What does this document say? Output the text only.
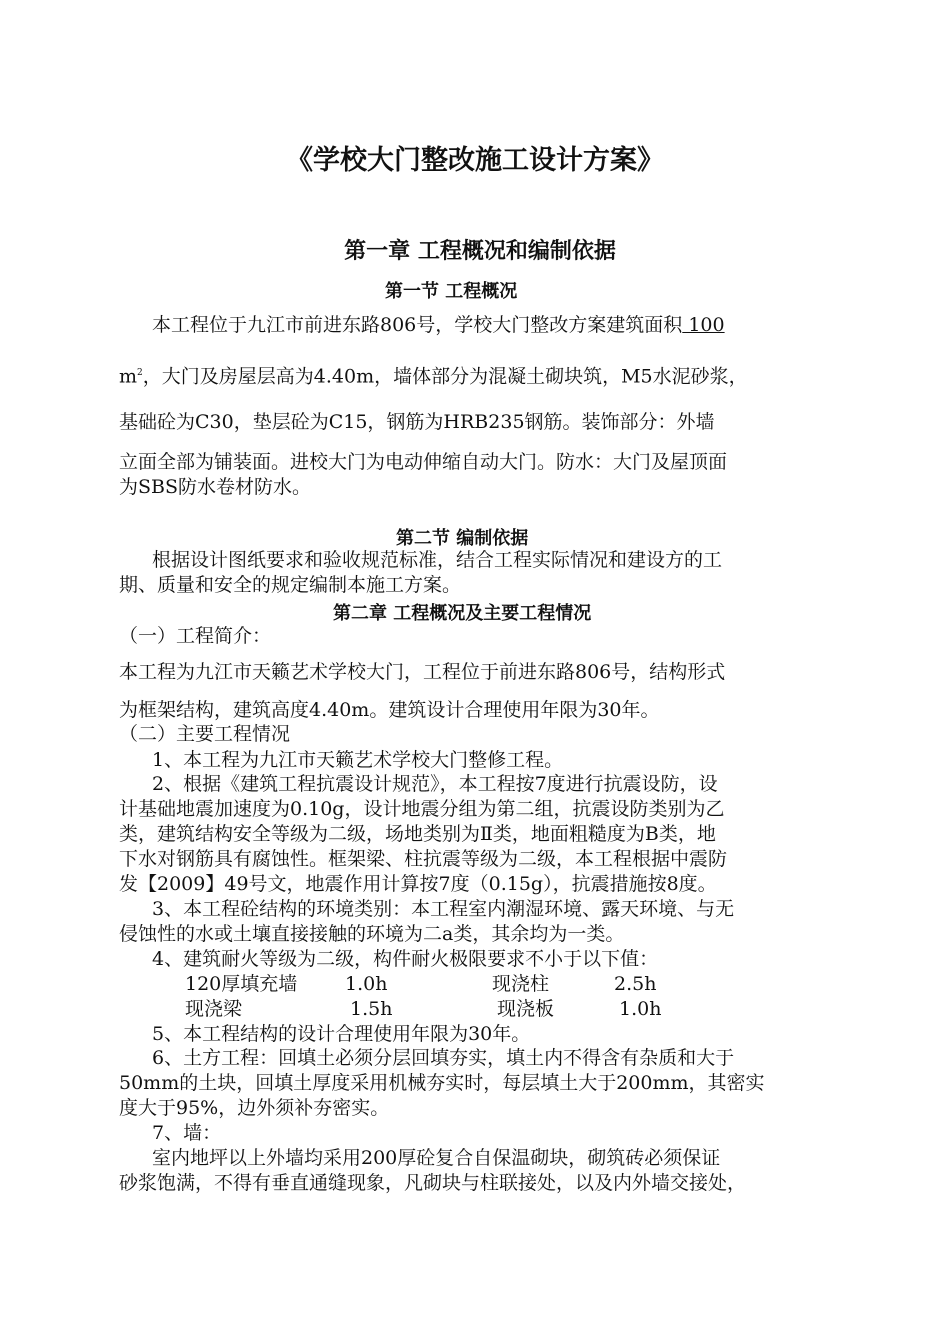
《学校大门整改施工设计方案》
第一章 工程概况和编制依据
第一节 工程概况
本工程位于九江市前进东路806号，学校大门整改方案建筑面积 100
$m^2$，大门及房屋层高为4.40m，墙体部分为混凝土砌块筑，M5水泥砂浆，
基础砼为C30，垫层砼为C15，钢筋为HRB235钢筋。装饰部分：外墙
立面全部为铺装面。进校大门为电动伸缩自动大门。防水：大门及屋顶面
为SBS防水卷材防水。
第二节 编制依据
根据设计图纸要求和验收规范标准，结合工程实际情况和建设方的工
期、质量和安全的规定编制本施工方案。
第二章 工程概况及主要工程情况
（一）工程简介：
本工程为九江市天籁艺术学校大门，工程位于前进东路806号，结构形式
为框架结构，建筑高度4.40m。建筑设计合理使用年限为30年。
（二）主要工程情况
1、本工程为九江市天籁艺术学校大门整修工程。
2、根据《建筑工程抗震设计规范》，本工程按7度进行抗震设防，设
计基础地震加速度为0.10g，设计地震分组为第二组，抗震设防类别为乙
类，建筑结构安全等级为二级，场地类别为Ⅱ类，地面粗糙度为B类，地
下水对钢筋具有腐蚀性。框架梁、柱抗震等级为二级，本工程根据中震防
发【2009】49号文，地震作用计算按7度（0.15g），抗震措施按8度。
3、本工程砼结构的环境类别：本工程室内潮湿环境、露天环境、与无
侵蚀性的水或土壤直接接触的环境为二a类，其余均为一类。
4、建筑耐火等级为二级，构件耐火极限要求不小于以下值：
120厚填充墙	1.0h	现浇柱	2.5h
现浇梁	1.5h	现浇板	1.0h
5、本工程结构的设计合理使用年限为30年。
6、土方工程：回填土必须分层回填夯实，填土内不得含有杂质和大于
50mm的土块，回填土厚度采用机械夯实时，每层填土大于200mm，其密实
度大于95%，边外须补夯密实。
7、墙：
室内地坪以上外墙均采用200厚砼复合自保温砌块，砌筑砖必须保证
砂浆饱满，不得有垂直通缝现象，凡砌块与柱联接处，以及内外墙交接处，
